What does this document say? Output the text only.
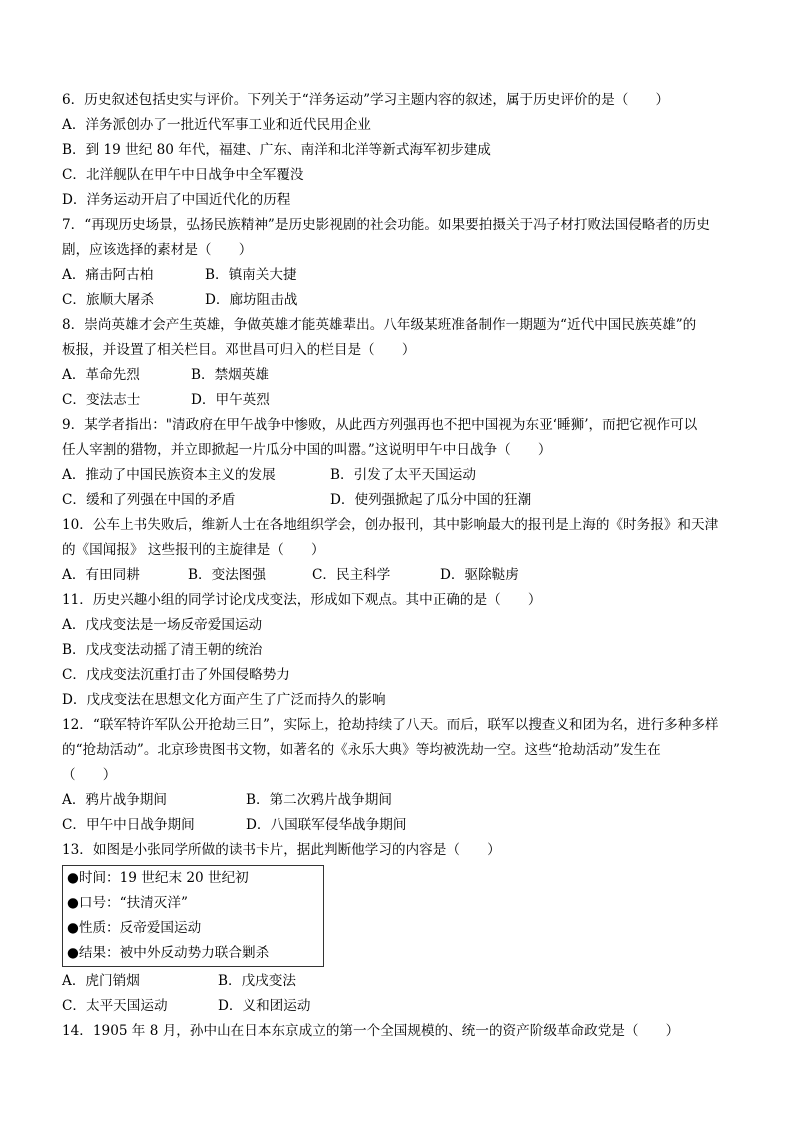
6．历史叙述包括史实与评价。下列关于“洋务运动”学习主题内容的叙述，属于历史评价的是（　　）
A．洋务派创办了一批近代军事工业和近代民用企业
B．到 19 世纪 80 年代，福建、广东、南洋和北洋等新式海军初步建成
C．北洋舰队在甲午中日战争中全军覆没
D．洋务运动开启了中国近代化的历程
7．“再现历史场景，弘扬民族精神”是历史影视剧的社会功能。如果要拍摄关于冯子材打败法国侵略者的历史
剧，应该选择的素材是（　　）
A．痛击阿古柏	B．镇南关大捷
C．旅顺大屠杀	D．廊坊阻击战
8．崇尚英雄才会产生英雄，争做英雄才能英雄辈出。八年级某班准备制作一期题为“近代中国民族英雄”的
板报，并设置了相关栏目。邓世昌可归入的栏目是（　　）
A．革命先烈	B．禁烟英雄
C．变法志士	D．甲午英烈
9．某学者指出："清政府在甲午战争中惨败，从此西方列强再也不把中国视为东亚‘睡狮’，而把它视作可以
任人宰割的猎物，并立即掀起一片瓜分中国的叫嚣。”这说明甲午中日战争（　　）
A．推动了中国民族资本主义的发展	B．引发了太平天国运动
C．缓和了列强在中国的矛盾	D．使列强掀起了瓜分中国的狂潮
10．公车上书失败后，维新人士在各地组织学会，创办报刊，其中影响最大的报刊是上海的《时务报》和天津
的《国闻报》 这些报刊的主旋律是（　　）
A．有田同耕	B．变法图强	C．民主科学	D．驱除鞑虏
11．历史兴趣小组的同学讨论戊戌变法，形成如下观点。其中正确的是（　　）
A．戊戌变法是一场反帝爱国运动
B．戊戌变法动摇了清王朝的统治
C．戊戌变法沉重打击了外国侵略势力
D．戊戌变法在思想文化方面产生了广泛而持久的影响
12．“联军特许军队公开抢劫三日”，实际上，抢劫持续了八天。而后，联军以搜查义和团为名，进行多种多样
的“抢劫活动”。北京珍贵图书文物，如著名的《永乐大典》等均被洗劫一空。这些“抢劫活动”发生在
（　　）
A．鸦片战争期间	B．第二次鸦片战争期间
C．甲午中日战争期间	D．八国联军侵华战争期间
13．如图是小张同学所做的读书卡片，据此判断他学习的内容是（　　）
●时间：19 世纪末 20 世纪初
●口号：“扶清灭洋”
●性质：反帝爱国运动
●结果：被中外反动势力联合剿杀
A．虎门销烟	B．戊戌变法
C．太平天国运动	D．义和团运动
14．1905 年 8 月，孙中山在日本东京成立的第一个全国规模的、统一的资产阶级革命政党是（　　）
